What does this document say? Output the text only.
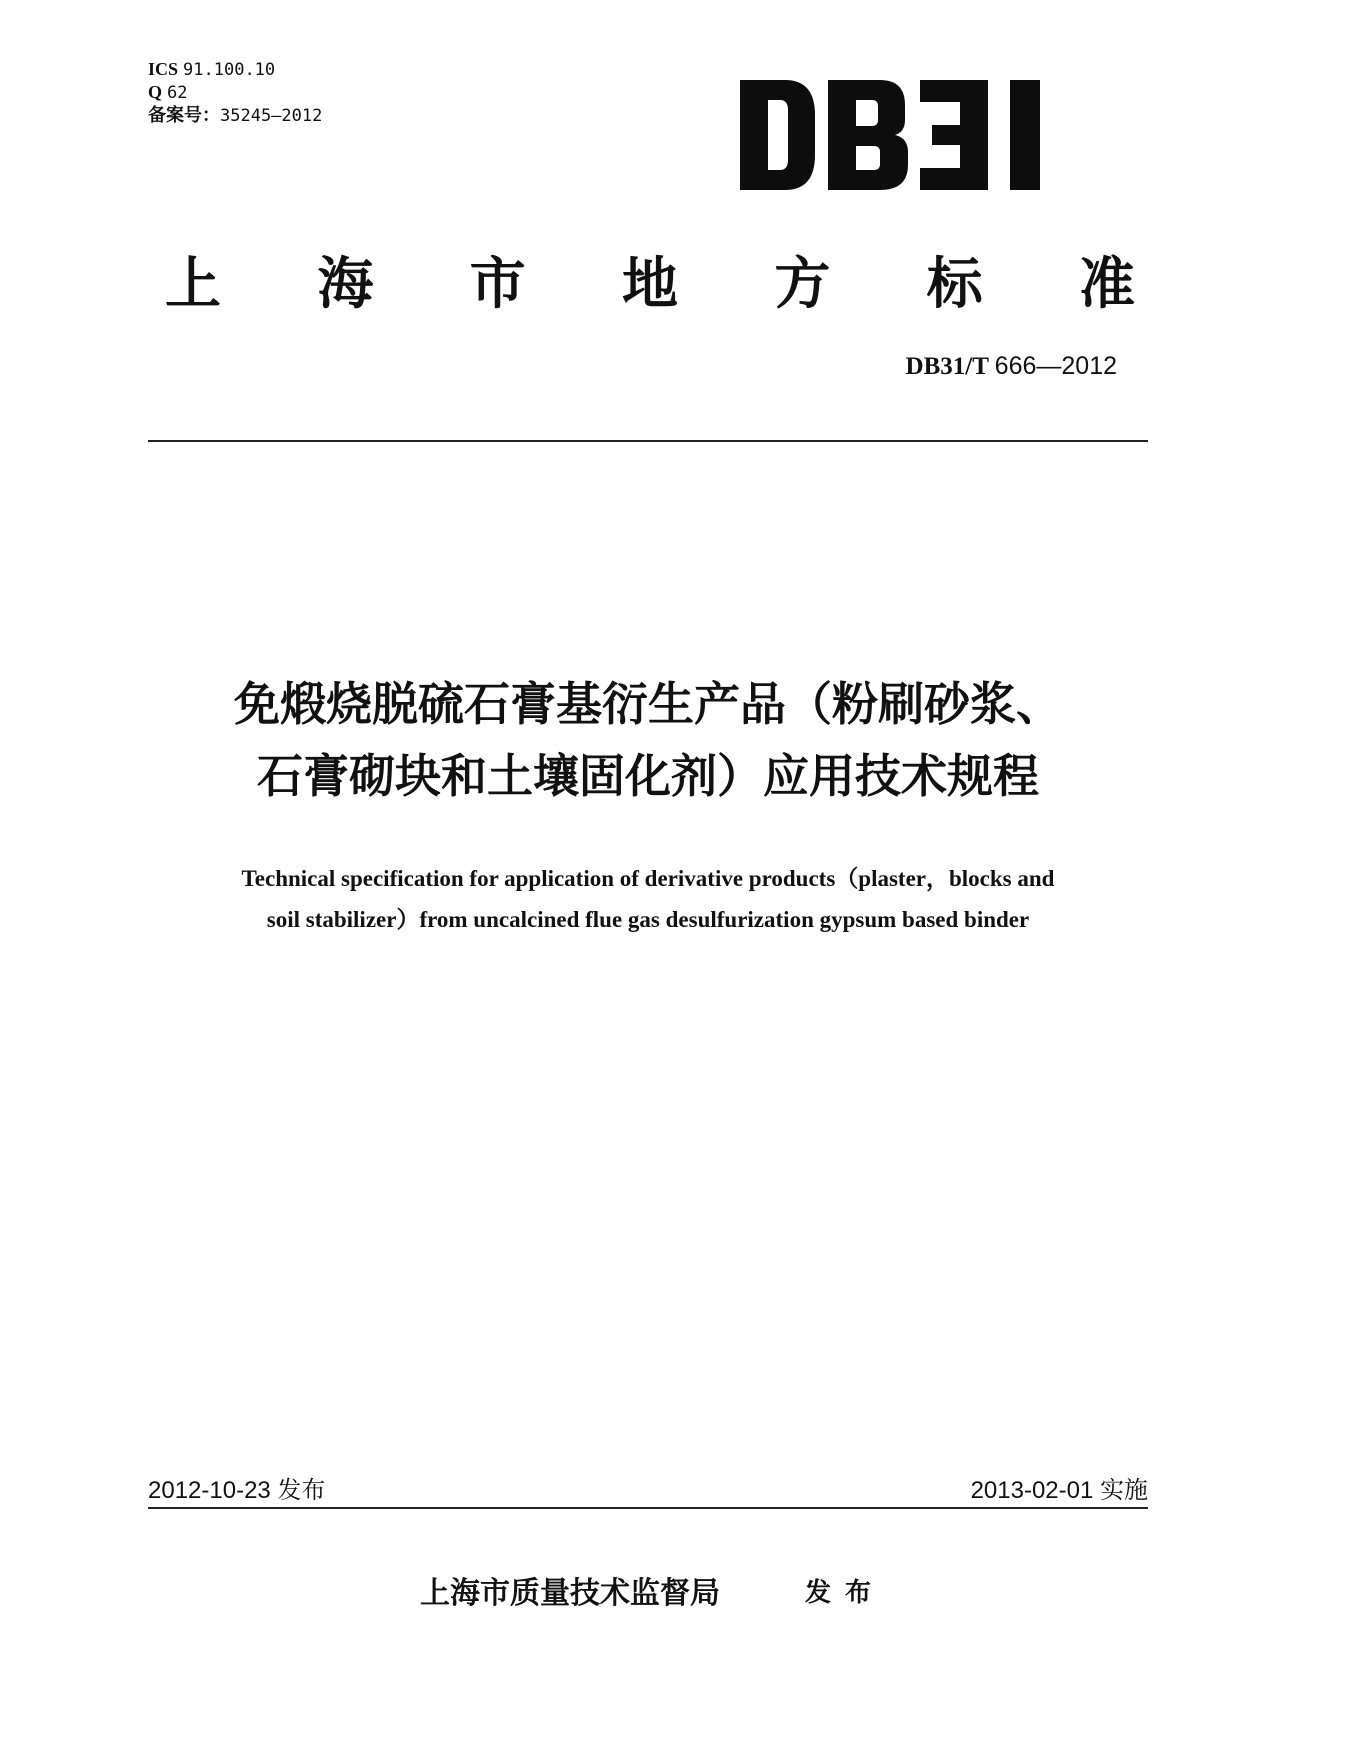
ICS 91.100.10
Q 62
备案号：35245—2012
上 海 市 地 方 标 准
DB31/T 666—2012
免煅烧脱硫石膏基衍生产品（粉刷砂浆、
石膏砌块和土壤固化剂）应用技术规程
Technical specification for application of derivative products（plaster，blocks and
soil stabilizer）from uncalcined flue gas desulfurization gypsum based binder
2012-10-23 发布	2013-02-01 实施
上海市质量技术监督局	发布
